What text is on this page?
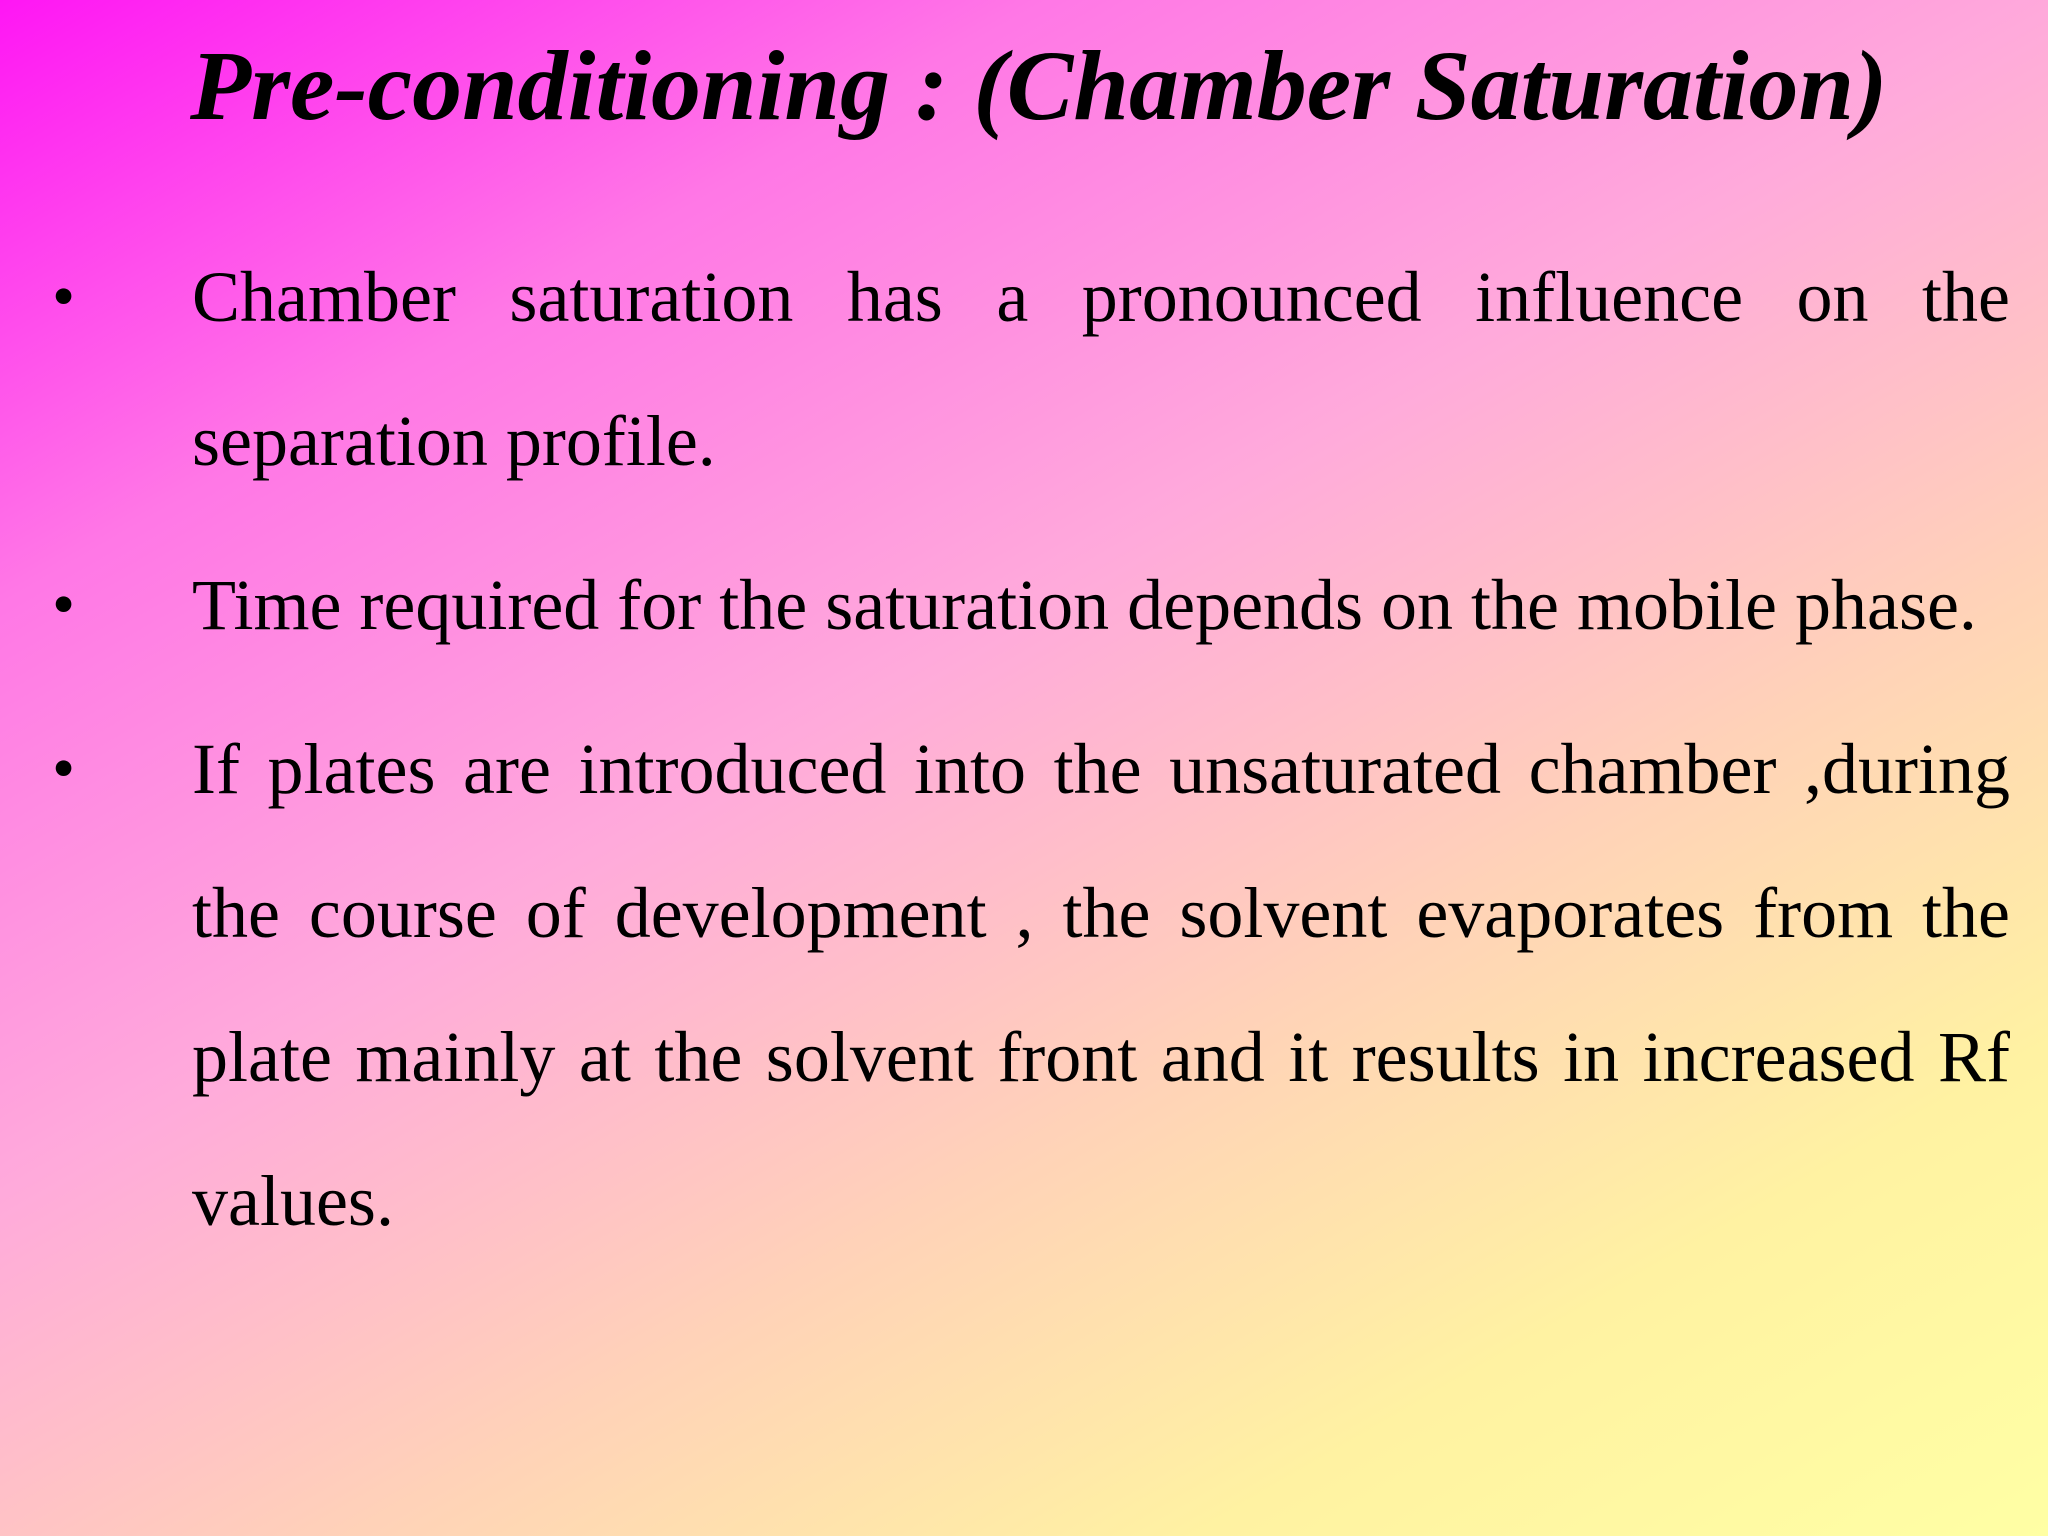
Pre-conditioning : (Chamber Saturation)
• Chamber saturation has a pronounced influence on the separation profile.
• Time required for the saturation depends on the mobile phase.
• If plates are introduced into the unsaturated chamber ,during the course of development , the solvent evaporates from the plate mainly at the solvent front and it results in increased Rf values.
